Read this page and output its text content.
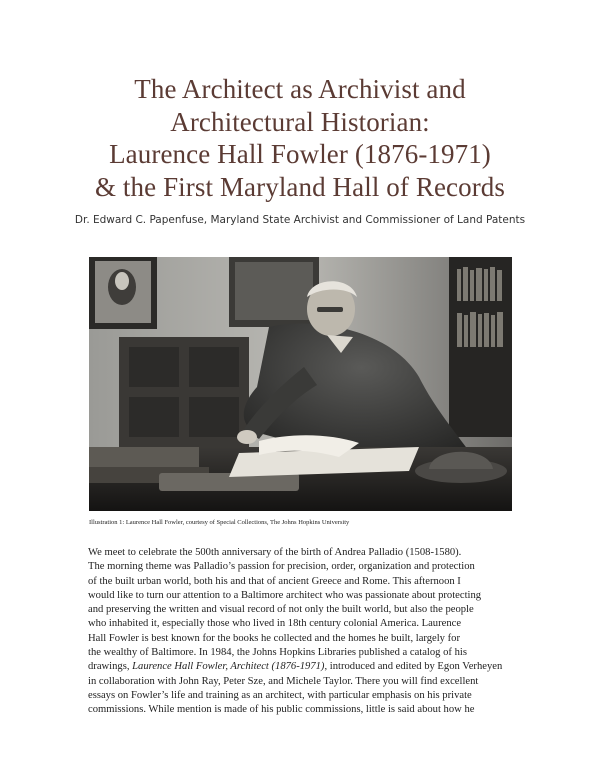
The Architect as Archivist and
Architectural Historian:
Laurence Hall Fowler (1876-1971)
& the First Maryland Hall of Records
Dr. Edward C. Papenfuse, Maryland State Archivist and Commissioner of Land Patents
Illustration 1: Laurence Hall Fowler, courtesy of Special Collections, The Johns Hopkins University
We meet to celebrate the 500th anniversary of the birth of Andrea Palladio (1508-1580).
The morning theme was Palladio’s passion for precision, order, organization and protection
of the built urban world, both his and that of ancient Greece and Rome. This afternoon I
would like to turn our attention to a Baltimore architect who was passionate about protecting
and preserving the written and visual record of not only the built world, but also the people
who inhabited it, especially those who lived in 18th century colonial America. Laurence
Hall Fowler is best known for the books he collected and the homes he built, largely for
the wealthy of Baltimore. In 1984, the Johns Hopkins Libraries published a catalog of his
drawings, Laurence Hall Fowler, Architect (1876-1971), introduced and edited by Egon Verheyen
in collaboration with John Ray, Peter Sze, and Michele Taylor. There you will find excellent
essays on Fowler’s life and training as an architect, with particular emphasis on his private
commissions. While mention is made of his public commissions, little is said about how he
